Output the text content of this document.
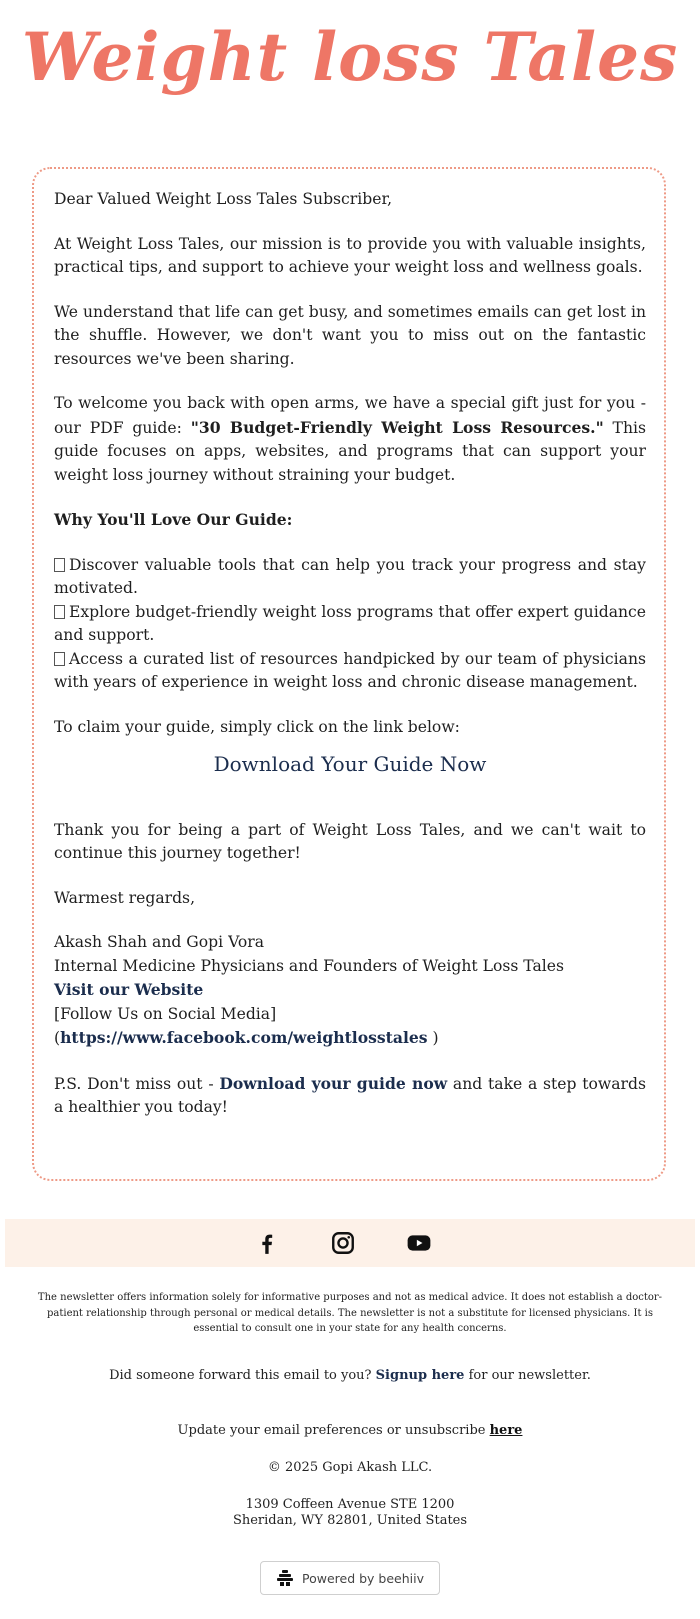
Weight loss Tales

Dear Valued Weight Loss Tales Subscriber,

At Weight Loss Tales, our mission is to provide you with valuable insights, practical tips, and support to achieve your weight loss and wellness goals.

We understand that life can get busy, and sometimes emails can get lost in the shuffle. However, we don't want you to miss out on the fantastic resources we've been sharing.

To welcome you back with open arms, we have a special gift just for you - our PDF guide: "30 Budget-Friendly Weight Loss Resources." This guide focuses on apps, websites, and programs that can support your weight loss journey without straining your budget.

Why You'll Love Our Guide:

Discover valuable tools that can help you track your progress and stay motivated.

Explore budget-friendly weight loss programs that offer expert guidance and support.

Access a curated list of resources handpicked by our team of physicians with years of experience in weight loss and chronic disease management.

To claim your guide, simply click on the link below:

Download Your Guide Now

Thank you for being a part of Weight Loss Tales, and we can't wait to continue this journey together!

Warmest regards,

Akash Shah and Gopi Vora
Internal Medicine Physicians and Founders of Weight Loss Tales
Visit our Website
[Follow Us on Social Media]
(https://www.facebook.com/weightlosstales )

P.S. Don't miss out - Download your guide now and take a step towards a healthier you today!

The newsletter offers information solely for informative purposes and not as medical advice. It does not establish a doctor-patient relationship through personal or medical details. The newsletter is not a substitute for licensed physicians. It is essential to consult one in your state for any health concerns.
Did someone forward this email to you? Signup here for our newsletter.
Update your email preferences or unsubscribe here
© 2025 Gopi Akash LLC.
1309 Coffeen Avenue STE 1200
Sheridan, WY 82801, United States
Powered by beehiiv
